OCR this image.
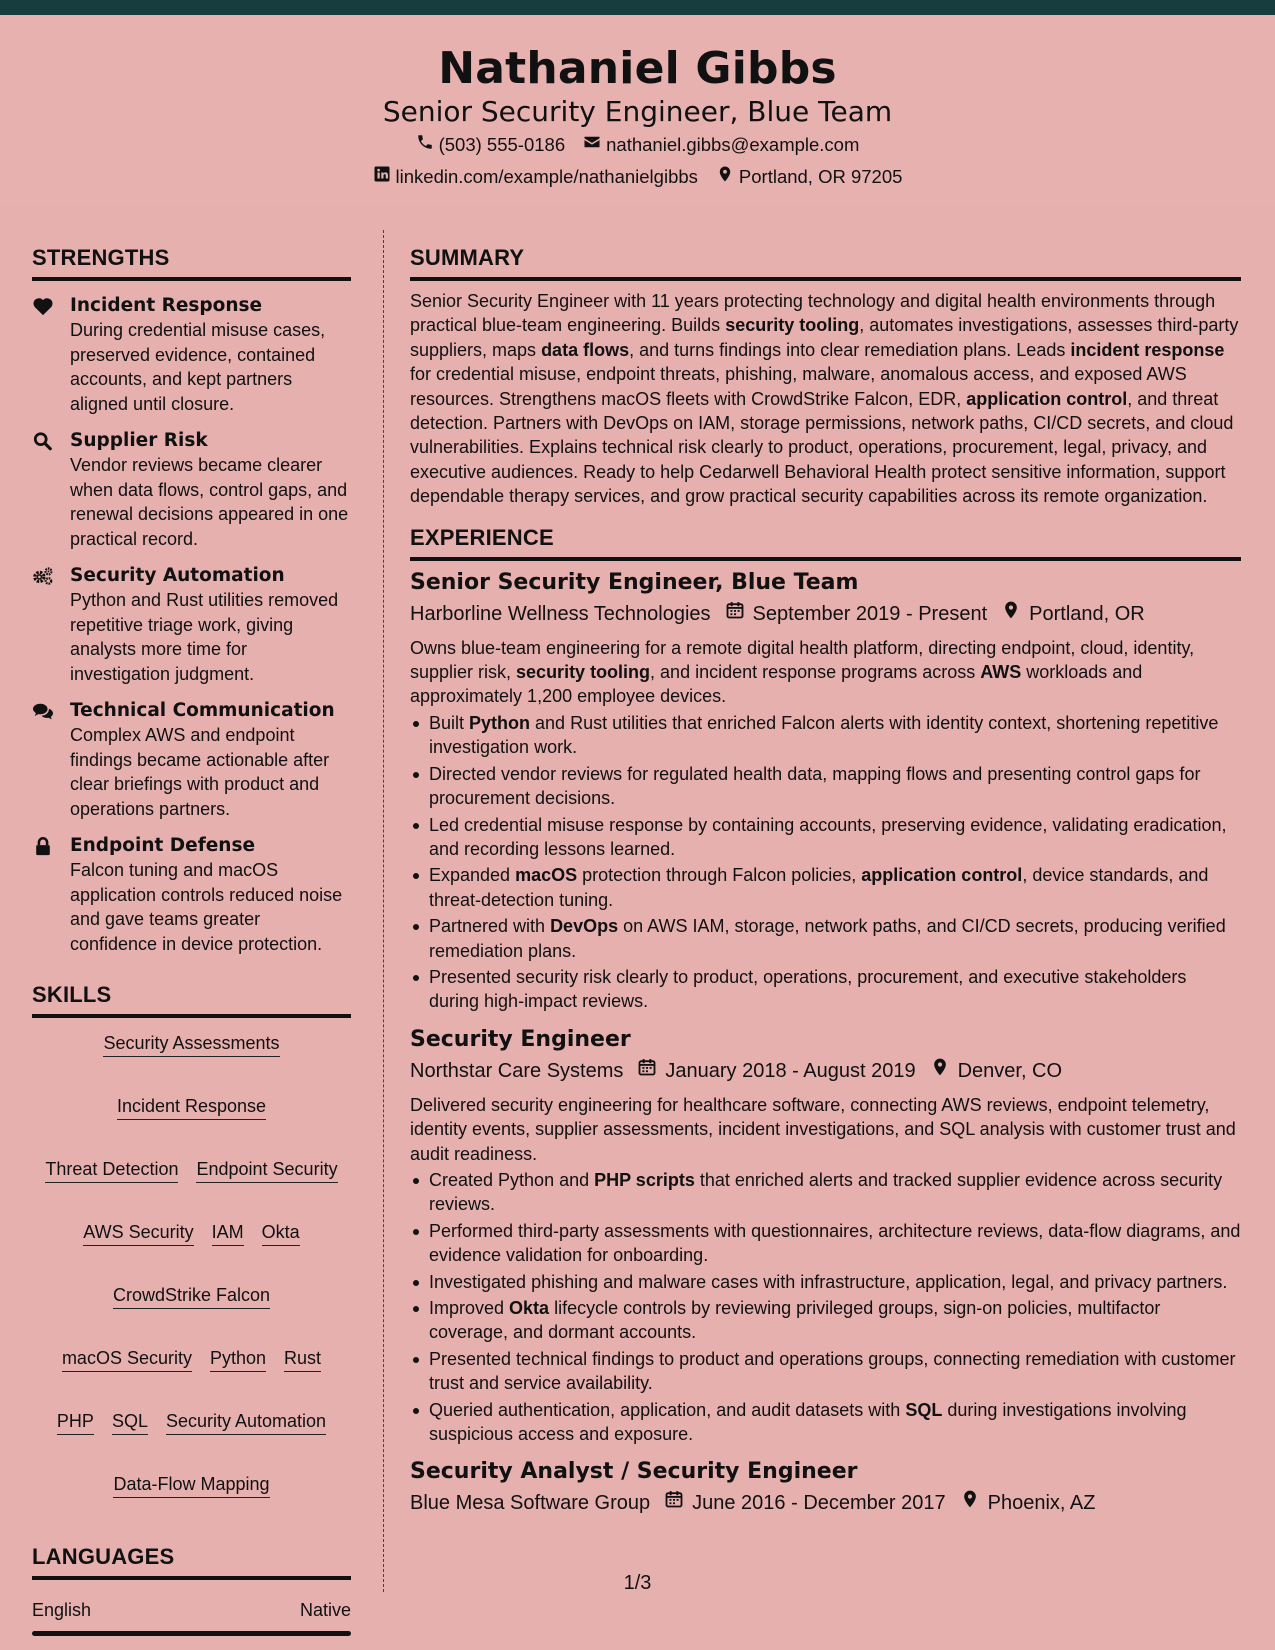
Nathaniel Gibbs
Senior Security Engineer, Blue Team
(503) 555-0186 nathaniel.gibbs@example.com
linkedin.com/example/nathanielgibbs Portland, OR 97205
STRENGTHS
Incident Response
During credential misuse cases, preserved evidence, contained accounts, and kept partners aligned until closure.
Supplier Risk
Vendor reviews became clearer when data flows, control gaps, and renewal decisions appeared in one practical record.
Security Automation
Python and Rust utilities removed repetitive triage work, giving analysts more time for investigation judgment.
Technical Communication
Complex AWS and endpoint findings became actionable after clear briefings with product and operations partners.
Endpoint Defense
Falcon tuning and macOS application controls reduced noise and gave teams greater confidence in device protection.
SKILLS
Security Assessments
Incident Response
Threat Detection Endpoint Security
AWS Security IAM Okta
CrowdStrike Falcon
macOS Security Python Rust
PHP SQL Security Automation
Data-Flow Mapping
LANGUAGES
English	Native
SUMMARY
Senior Security Engineer with 11 years protecting technology and digital health environments through practical blue-team engineering. Builds security tooling, automates investigations, assesses third-party suppliers, maps data flows, and turns findings into clear remediation plans. Leads incident response for credential misuse, endpoint threats, phishing, malware, anomalous access, and exposed AWS resources. Strengthens macOS fleets with CrowdStrike Falcon, EDR, application control, and threat detection. Partners with DevOps on IAM, storage permissions, network paths, CI/CD secrets, and cloud vulnerabilities. Explains technical risk clearly to product, operations, procurement, legal, privacy, and executive audiences. Ready to help Cedarwell Behavioral Health protect sensitive information, support dependable therapy services, and grow practical security capabilities across its remote organization.
EXPERIENCE
Senior Security Engineer, Blue Team
Harborline Wellness Technologies September 2019 - Present Portland, OR
Owns blue-team engineering for a remote digital health platform, directing endpoint, cloud, identity, supplier risk, security tooling, and incident response programs across AWS workloads and approximately 1,200 employee devices.
Built Python and Rust utilities that enriched Falcon alerts with identity context, shortening repetitive investigation work.
Directed vendor reviews for regulated health data, mapping flows and presenting control gaps for procurement decisions.
Led credential misuse response by containing accounts, preserving evidence, validating eradication, and recording lessons learned.
Expanded macOS protection through Falcon policies, application control, device standards, and threat-detection tuning.
Partnered with DevOps on AWS IAM, storage, network paths, and CI/CD secrets, producing verified remediation plans.
Presented security risk clearly to product, operations, procurement, and executive stakeholders during high-impact reviews.
Security Engineer
Northstar Care Systems January 2018 - August 2019 Denver, CO
Delivered security engineering for healthcare software, connecting AWS reviews, endpoint telemetry, identity events, supplier assessments, incident investigations, and SQL analysis with customer trust and audit readiness.
Created Python and PHP scripts that enriched alerts and tracked supplier evidence across security reviews.
Performed third-party assessments with questionnaires, architecture reviews, data-flow diagrams, and evidence validation for onboarding.
Investigated phishing and malware cases with infrastructure, application, legal, and privacy partners.
Improved Okta lifecycle controls by reviewing privileged groups, sign-on policies, multifactor coverage, and dormant accounts.
Presented technical findings to product and operations groups, connecting remediation with customer trust and service availability.
Queried authentication, application, and audit datasets with SQL during investigations involving suspicious access and exposure.
Security Analyst / Security Engineer
Blue Mesa Software Group June 2016 - December 2017 Phoenix, AZ
1/3
